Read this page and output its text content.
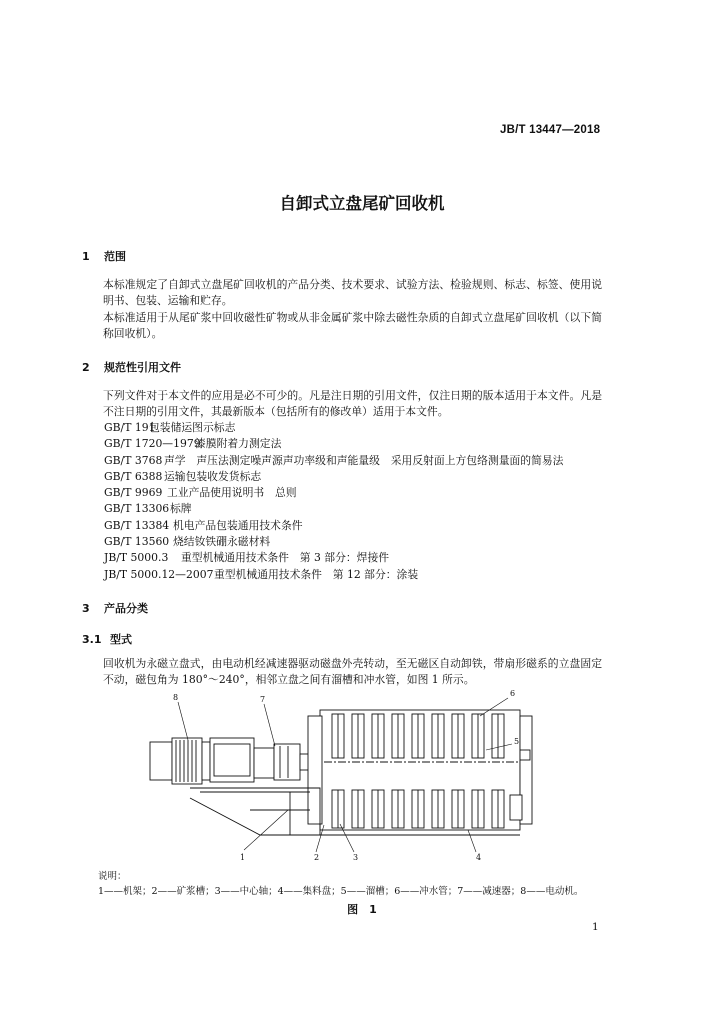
JB/T 13447—2018
自卸式立盘尾矿回收机
1 范围
本标准规定了自卸式立盘尾矿回收机的产品分类、技术要求、试验方法、检验规则、标志、标签、使用说明书、包装、运输和贮存。
本标准适用于从尾矿浆中回收磁性矿物或从非金属矿浆中除去磁性杂质的自卸式立盘尾矿回收机（以下简称回收机）。
2 规范性引用文件
下列文件对于本文件的应用是必不可少的。凡是注日期的引用文件，仅注日期的版本适用于本文件。凡是不注日期的引用文件，其最新版本（包括所有的修改单）适用于本文件。
GB/T 191包装储运图示标志
GB/T 1720—1979漆膜附着力测定法
GB/T 3768 声学　声压法测定噪声源声功率级和声能量级　采用反射面上方包络测量面的简易法
GB/T 6388 运输包装收发货标志
GB/T 9969 工业产品使用说明书　总则
GB/T 13306标牌
GB/T 13384 机电产品包装通用技术条件
GB/T 13560 烧结钕铁硼永磁材料
JB/T 5000.3 重型机械通用技术条件　第 3 部分：焊接件
JB/T 5000.12—2007重型机械通用技术条件　第 12 部分：涂装
3 产品分类
3.1 型式
回收机为永磁立盘式，由电动机经减速器驱动磁盘外壳转动，至无磁区自动卸铁，带扇形磁系的立盘固定不动，磁包角为 180°～240°，相邻立盘之间有溜槽和冲水管，如图 1 所示。
8	7
6
5
1	2	3	4
说明：
1——机架；2——矿浆槽；3——中心轴；4——集料盘；5——溜槽；6——冲水管；7——减速器；8——电动机。
图　1
1
